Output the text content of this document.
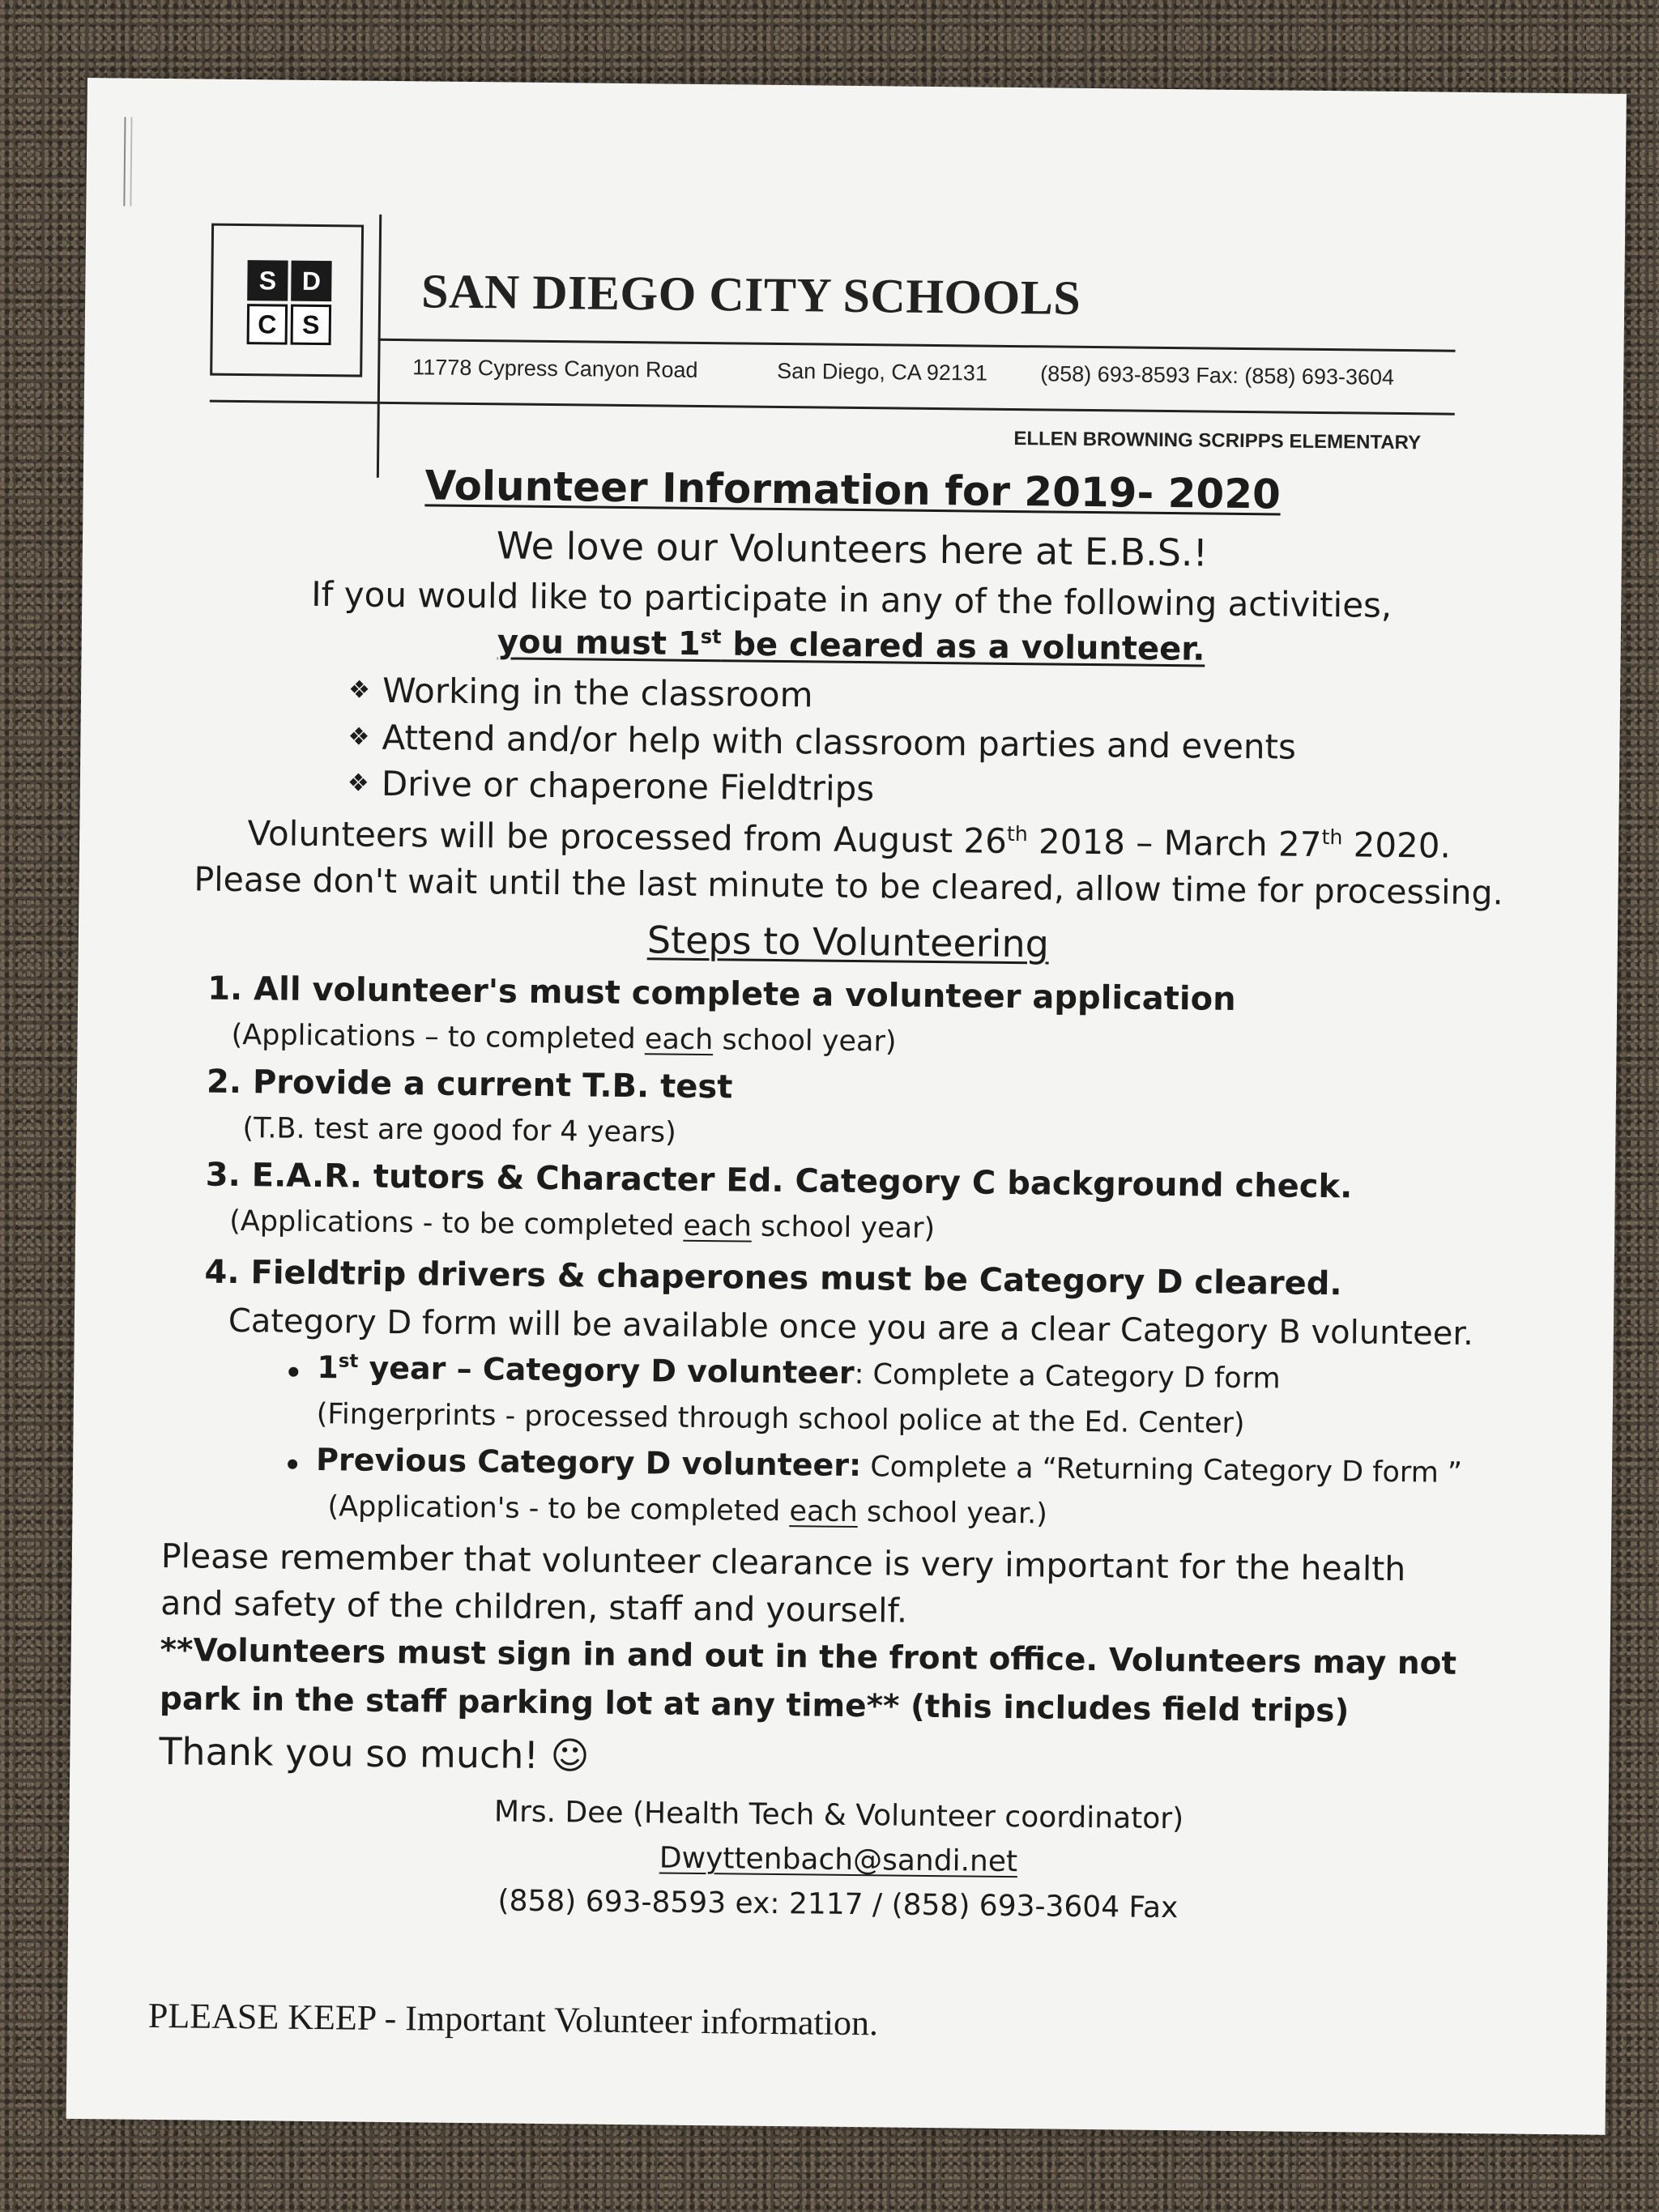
S D
C S SAN DIEGO CITY SCHOOLS
11778 Cypress Canyon Road	San Diego, CA 92131 (858) 693-8593 Fax: (858) 693-3604
ELLEN BROWNING SCRIPPS ELEMENTARY
Volunteer Information for 2019- 2020
We love our Volunteers here at E.B.S.!
If you would like to participate in any of the following activities,
you must 1st be cleared as a volunteer.
❖ Working in the classroom
❖ Attend and/or help with classroom parties and events
❖ Drive or chaperone Fieldtrips
Volunteers will be processed from August 26th 2018 – March 27th 2020.
Please don't wait until the last minute to be cleared, allow time for processing.
Steps to Volunteering
1. All volunteer's must complete a volunteer application
(Applications – to completed each school year)
2. Provide a current T.B. test
(T.B. test are good for 4 years)
3. E.A.R. tutors & Character Ed. Category C background check.
(Applications - to be completed each school year)
4. Fieldtrip drivers & chaperones must be Category D cleared.
Category D form will be available once you are a clear Category B volunteer.
1st year – Category D volunteer: Complete a Category D form
(Fingerprints - processed through school police at the Ed. Center)
Previous Category D volunteer: Complete a “Returning Category D form ”
(Application's - to be completed each school year.)
Please remember that volunteer clearance is very important for the health
and safety of the children, staff and yourself.
**Volunteers must sign in and out in the front office. Volunteers may not
park in the staff parking lot at any time** (this includes field trips)
Thank you so much! ☺
Mrs. Dee (Health Tech & Volunteer coordinator)
Dwyttenbach@sandi.net
(858) 693-8593 ex: 2117 / (858) 693-3604 Fax
PLEASE KEEP - Important Volunteer information.
